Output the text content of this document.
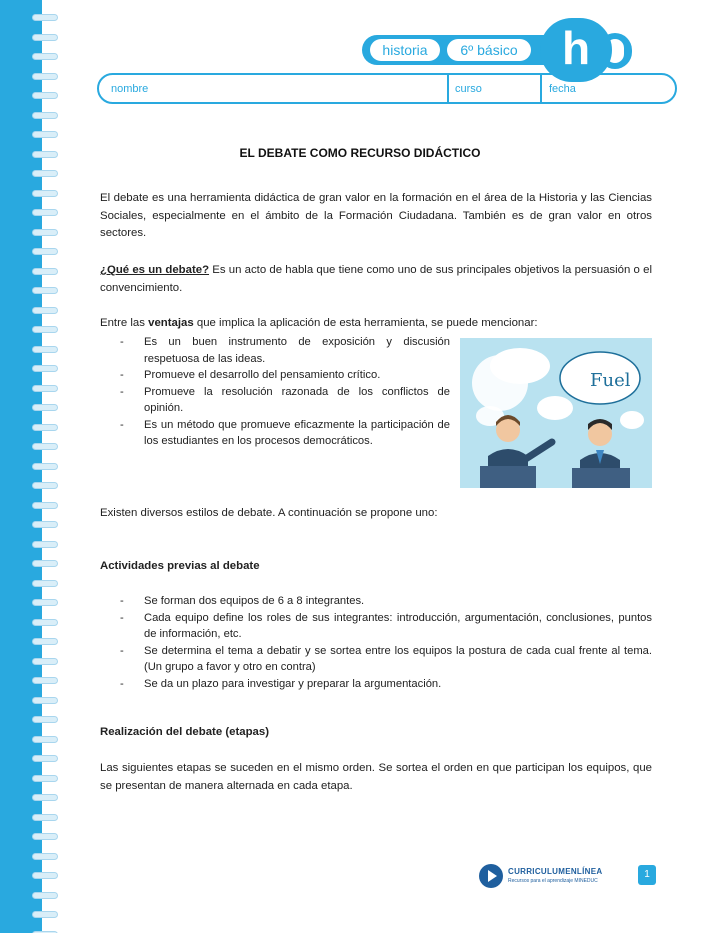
historia	6º básico h
nombre	curso	fecha
EL DEBATE COMO RECURSO DIDÁCTICO

El debate es una herramienta didáctica de gran valor en la formación en el área de la Historia y las Ciencias Sociales, especialmente en el ámbito de la Formación Ciudadana. También es de gran valor en otros sectores.

¿Qué es un debate? Es un acto de habla que tiene como uno de sus principales objetivos la persuasión o el convencimiento.

Entre las ventajas que implica la aplicación de esta herramienta, se puede mencionar:

- Es un buen instrumento de exposición y discusión respetuosa de las ideas.
- Promueve el desarrollo del pensamiento crítico.
- Promueve la resolución razonada de los conflictos de opinión.
- Es un método que promueve eficazmente la participación de los estudiantes en los procesos democráticos.
Fuel

Existen diversos estilos de debate. A continuación se propone uno:

Actividades previas al debate
- Se forman dos equipos de 6 a 8 integrantes.
- Cada equipo define los roles de sus integrantes: introducción, argumentación, conclusiones, puntos de información, etc.
- Se determina el tema a debatir y se sortea entre los equipos la postura de cada cual frente al tema. (Un grupo a favor y otro en contra)
- Se da un plazo para investigar y preparar la argumentación.
Realización del debate (etapas)

Las siguientes etapas se suceden en el mismo orden. Se sortea el orden en que participan los equipos, que se presentan de manera alternada en cada etapa.

CURRICULUMENLÍNEA
Recursos para el aprendizaje MINEDUC
1
